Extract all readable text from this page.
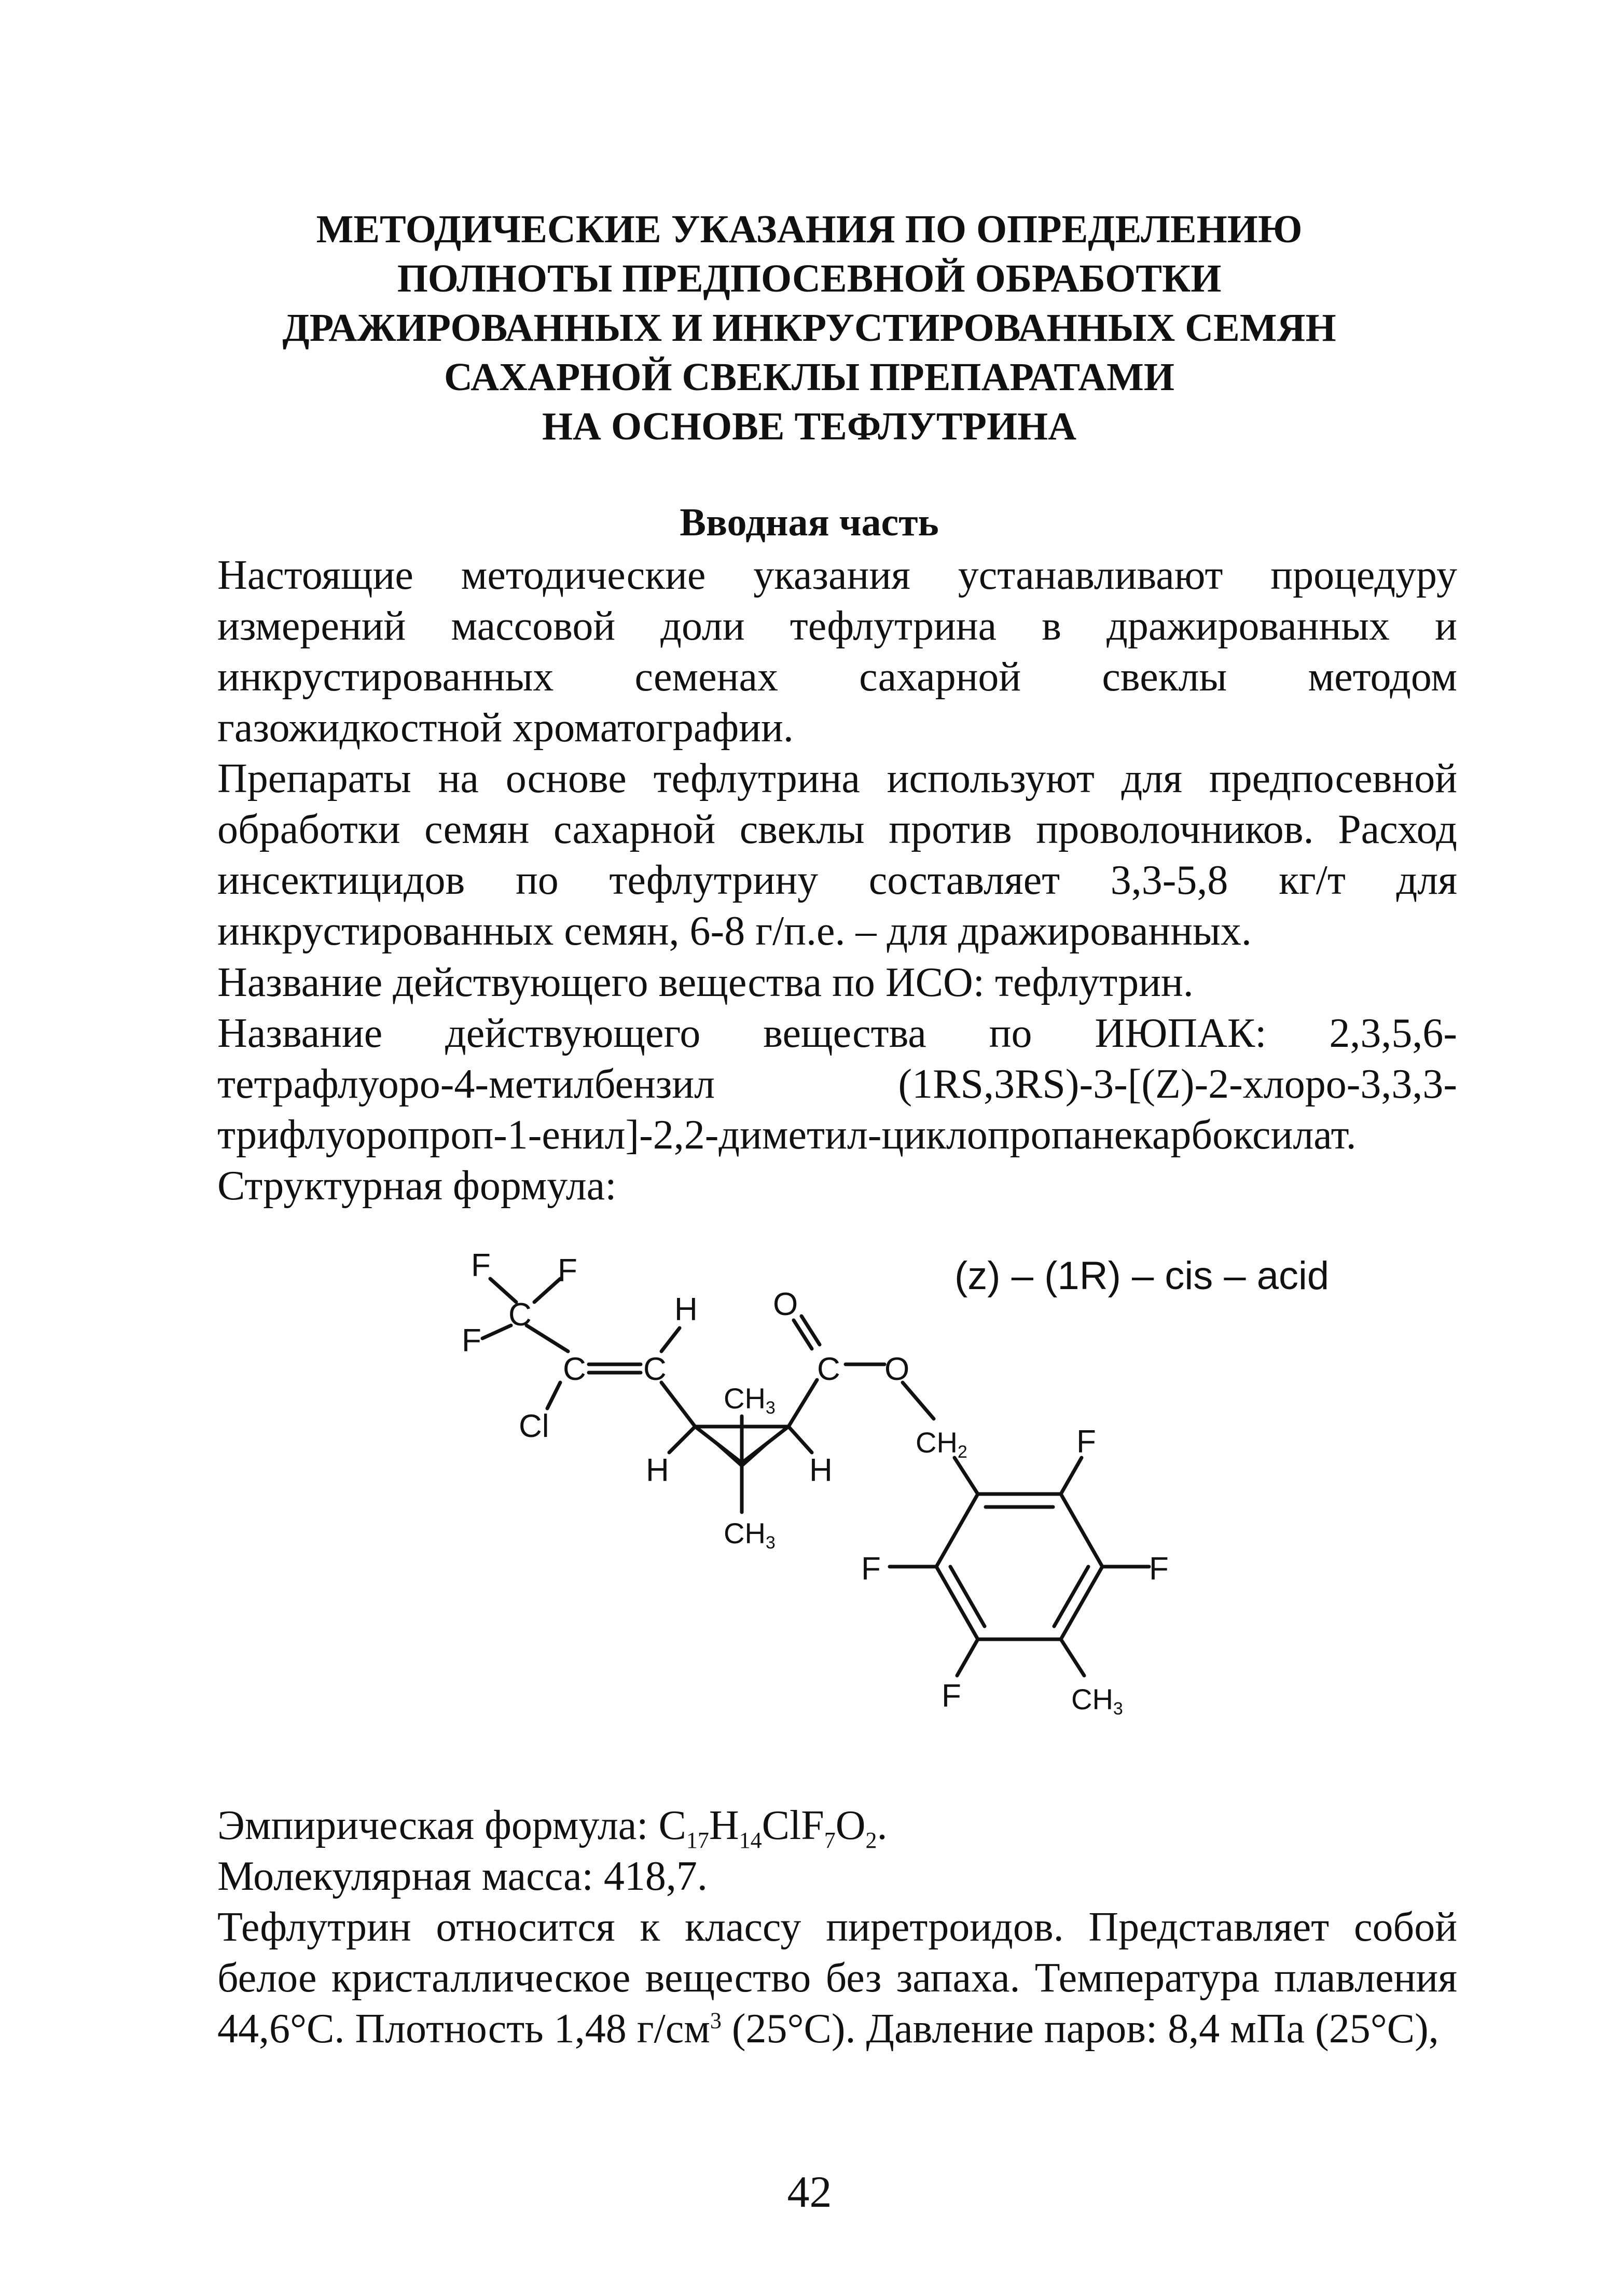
МЕТОДИЧЕСКИЕ УКАЗАНИЯ ПО ОПРЕДЕЛЕНИЮ
ПОЛНОТЫ ПРЕДПОСЕВНОЙ ОБРАБОТКИ
ДРАЖИРОВАННЫХ И ИНКРУСТИРОВАННЫХ СЕМЯН
САХАРНОЙ СВЕКЛЫ ПРЕПАРАТАМИ
НА ОСНОВЕ ТЕФЛУТРИНА
Вводная часть
Настоящие методические указания устанавливают процедуру измерений массовой доли тефлутрина в дражированных и инкрустированных семенах сахарной свеклы методом газожидкостной хроматографии.
Препараты на основе тефлутрина используют для предпосевной обработки семян сахарной свеклы против проволочников. Расход инсектицидов по тефлутрину составляет 3,3-5,8 кг/т для инкрустированных семян, 6-8 г/п.е. – для дражированных.
Название действующего вещества по ИСО: тефлутрин.
Название действующего вещества по ИЮПАК: 2,3,5,6-тетрафлуоро-4-метилбензил (1RS,3RS)-3-[(Z)-2-хлоро-3,3,3-трифлуоропроп-1-енил]-2,2-диметил-циклопропанекарбоксилат.
Структурная формула:
F F
C
F
C C
Cl
H O
C O
H	H
F
F
F
F
CH3
CH3
CH2
CH3
(z) – (1R) – cis – acid
Эмпирическая формула: $C_{17}H_{14}ClF_7O_2$.
Молекулярная масса: 418,7.
Тефлутрин относится к классу пиретроидов. Представляет собой белое кристаллическое вещество без запаха. Температура плавления 44,6°С. Плотность 1,48 $г/см^3$ (25°С). Давление паров: 8,4 мПа (25°С),
42
